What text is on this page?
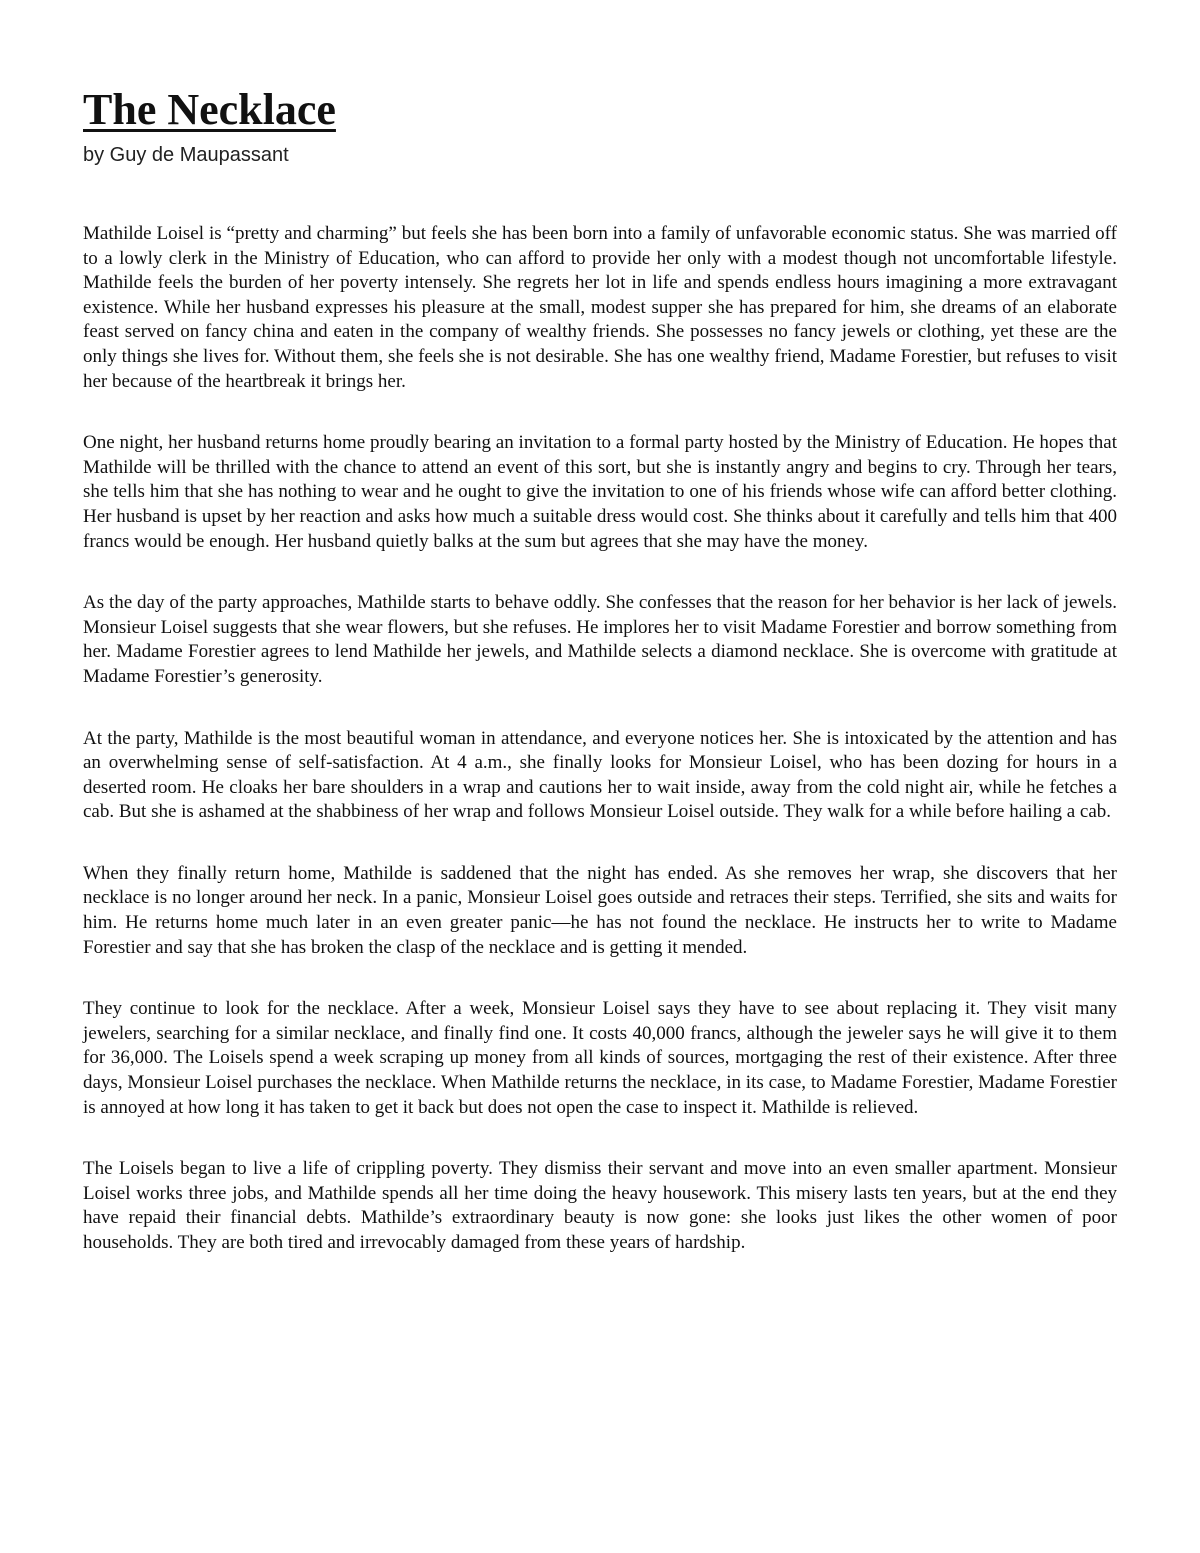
The Necklace
by Guy de Maupassant

Mathilde Loisel is “pretty and charming” but feels she has been born into a family of unfavorable economic status. She was married off to a lowly clerk in the Ministry of Education, who can afford to provide her only with a modest though not uncomfortable lifestyle. Mathilde feels the burden of her poverty intensely. She regrets her lot in life and spends endless hours imagining a more extravagant existence. While her husband expresses his pleasure at the small, modest supper she has prepared for him, she dreams of an elaborate feast served on fancy china and eaten in the company of wealthy friends. She possesses no fancy jewels or clothing, yet these are the only things she lives for. Without them, she feels she is not desirable. She has one wealthy friend, Madame Forestier, but refuses to visit her because of the heartbreak it brings her.

One night, her husband returns home proudly bearing an invitation to a formal party hosted by the Ministry of Education. He hopes that Mathilde will be thrilled with the chance to attend an event of this sort, but she is instantly angry and begins to cry. Through her tears, she tells him that she has nothing to wear and he ought to give the invitation to one of his friends whose wife can afford better clothing. Her husband is upset by her reaction and asks how much a suitable dress would cost. She thinks about it carefully and tells him that 400 francs would be enough. Her husband quietly balks at the sum but agrees that she may have the money.

As the day of the party approaches, Mathilde starts to behave oddly. She confesses that the reason for her behavior is her lack of jewels. Monsieur Loisel suggests that she wear flowers, but she refuses. He implores her to visit Madame Forestier and borrow something from her. Madame Forestier agrees to lend Mathilde her jewels, and Mathilde selects a diamond necklace. She is overcome with gratitude at Madame Forestier’s generosity.

At the party, Mathilde is the most beautiful woman in attendance, and everyone notices her. She is intoxicated by the attention and has an overwhelming sense of self-satisfaction. At 4 a.m., she finally looks for Monsieur Loisel, who has been dozing for hours in a deserted room. He cloaks her bare shoulders in a wrap and cautions her to wait inside, away from the cold night air, while he fetches a cab. But she is ashamed at the shabbiness of her wrap and follows Monsieur Loisel outside. They walk for a while before hailing a cab.

When they finally return home, Mathilde is saddened that the night has ended. As she removes her wrap, she discovers that her necklace is no longer around her neck. In a panic, Monsieur Loisel goes outside and retraces their steps. Terrified, she sits and waits for him. He returns home much later in an even greater panic—he has not found the necklace. He instructs her to write to Madame Forestier and say that she has broken the clasp of the necklace and is getting it mended.

They continue to look for the necklace. After a week, Monsieur Loisel says they have to see about replacing it. They visit many jewelers, searching for a similar necklace, and finally find one. It costs 40,000 francs, although the jeweler says he will give it to them for 36,000. The Loisels spend a week scraping up money from all kinds of sources, mortgaging the rest of their existence. After three days, Monsieur Loisel purchases the necklace. When Mathilde returns the necklace, in its case, to Madame Forestier, Madame Forestier is annoyed at how long it has taken to get it back but does not open the case to inspect it. Mathilde is relieved.

The Loisels began to live a life of crippling poverty. They dismiss their servant and move into an even smaller apartment. Monsieur Loisel works three jobs, and Mathilde spends all her time doing the heavy housework. This misery lasts ten years, but at the end they have repaid their financial debts. Mathilde’s extraordinary beauty is now gone: she looks just likes the other women of poor households. They are both tired and irrevocably damaged from these years of hardship.
